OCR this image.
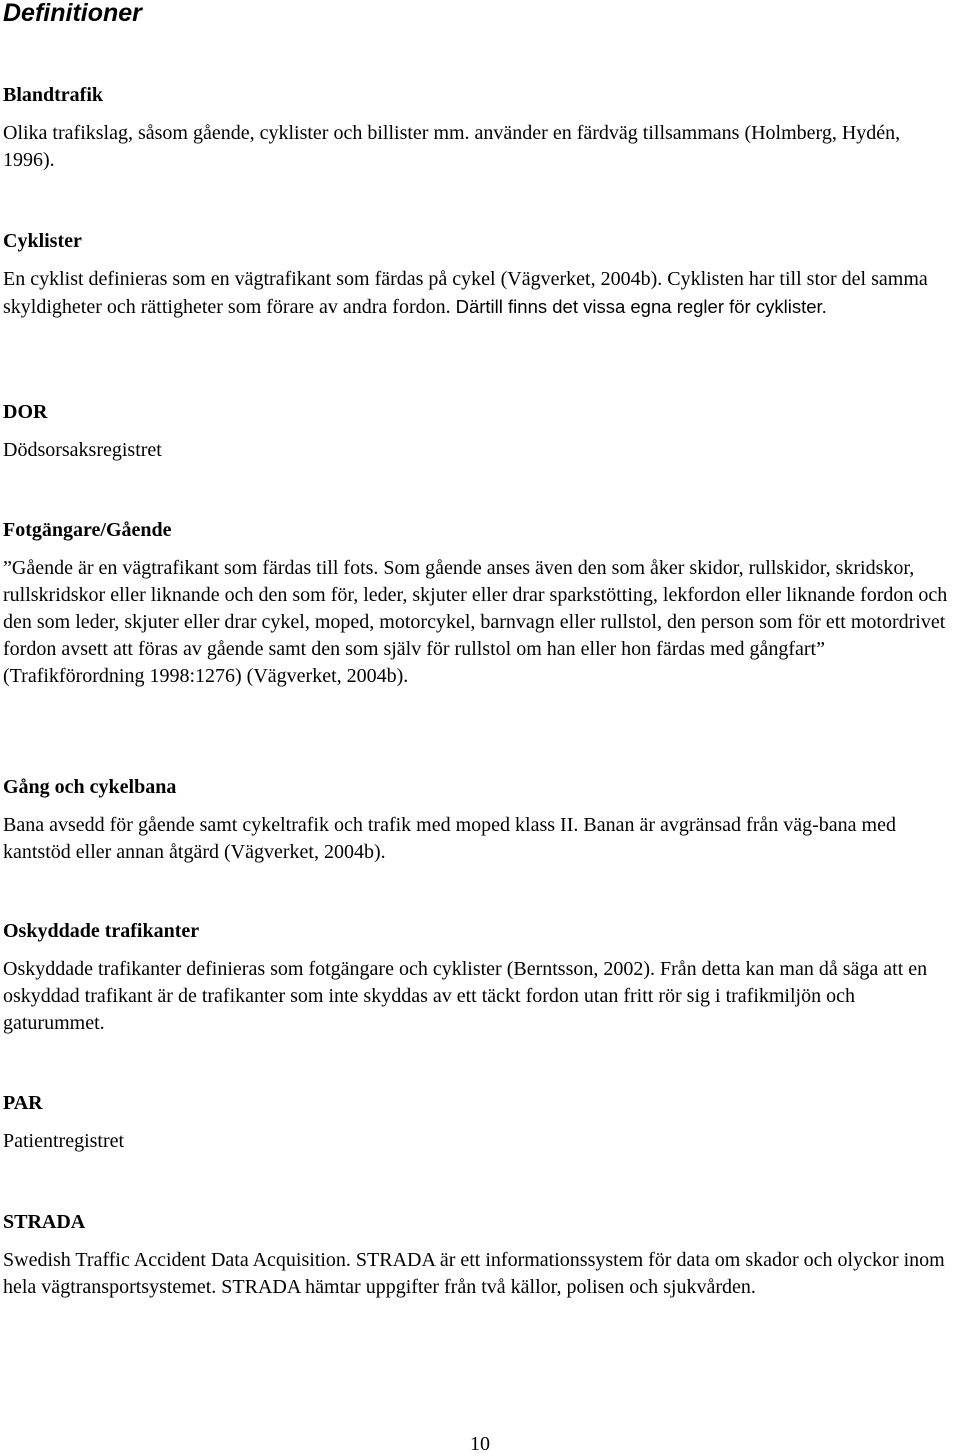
Definitioner
Blandtrafik

Olika trafikslag, såsom gående, cyklister och billister mm. använder en färdväg tillsammans (Holmberg, Hydén, 1996).

Cyklister

En cyklist definieras som en vägtrafikant som färdas på cykel (Vägverket, 2004b). Cyklisten har till stor del samma skyldigheter och rättigheter som förare av andra fordon. Därtill finns det vissa egna regler för cyklister.

DOR

Dödsorsaksregistret

Fotgängare/Gående

”Gående är en vägtrafikant som färdas till fots. Som gående anses även den som åker skidor, rullskidor, skridskor, rullskridskor eller liknande och den som för, leder, skjuter eller drar sparkstötting, lekfordon eller liknande fordon och den som leder, skjuter eller drar cykel, moped, motorcykel, barnvagn eller rullstol, den person som för ett motordrivet fordon avsett att föras av gående samt den som själv för rullstol om han eller hon färdas med gångfart” (Trafikförordning 1998:1276) (Vägverket, 2004b).

Gång och cykelbana

Bana avsedd för gående samt cykeltrafik och trafik med moped klass II. Banan är avgränsad från väg-bana med kantstöd eller annan åtgärd (Vägverket, 2004b).

Oskyddade trafikanter

Oskyddade trafikanter definieras som fotgängare och cyklister (Berntsson, 2002). Från detta kan man då säga att en oskyddad trafikant är de trafikanter som inte skyddas av ett täckt fordon utan fritt rör sig i trafikmiljön och gaturummet.

PAR

Patientregistret

STRADA

Swedish Traffic Accident Data Acquisition. STRADA är ett informationssystem för data om skador och olyckor inom hela vägtransportsystemet. STRADA hämtar uppgifter från två källor, polisen och sjukvården.

10
